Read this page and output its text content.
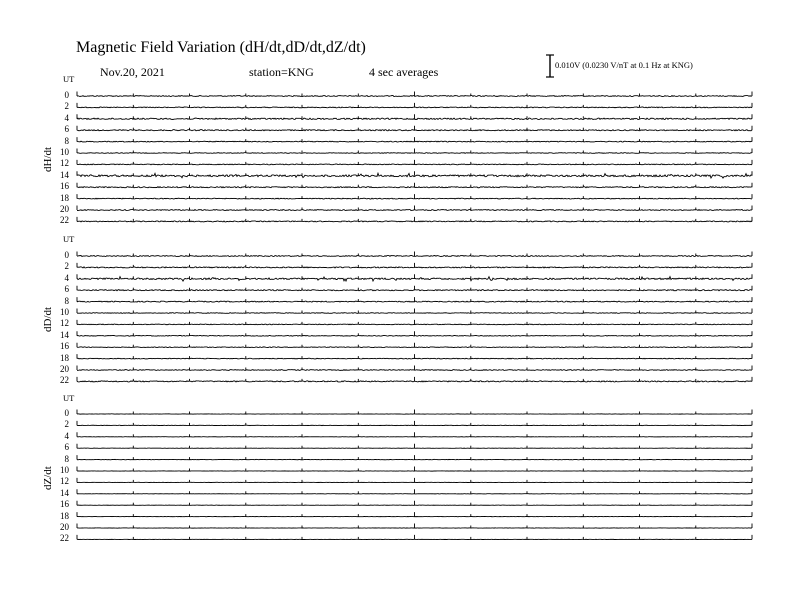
Magnetic Field Variation (dH/dt,dD/dt,dZ/dt)
Nov.20, 2021	station=KNG	4 sec averages	0.010V (0.0230 V/nT at 0.1 Hz at KNG)
UT
dH/dt
0
2
4
6
8
10
12
14
16
18
20
22
UT
dD/dt
0
2
4
6
8
10
12
14
16
18
20
22
UT
dZ/dt
0
2
4
6
8
10
12
14
16
18
20
22
